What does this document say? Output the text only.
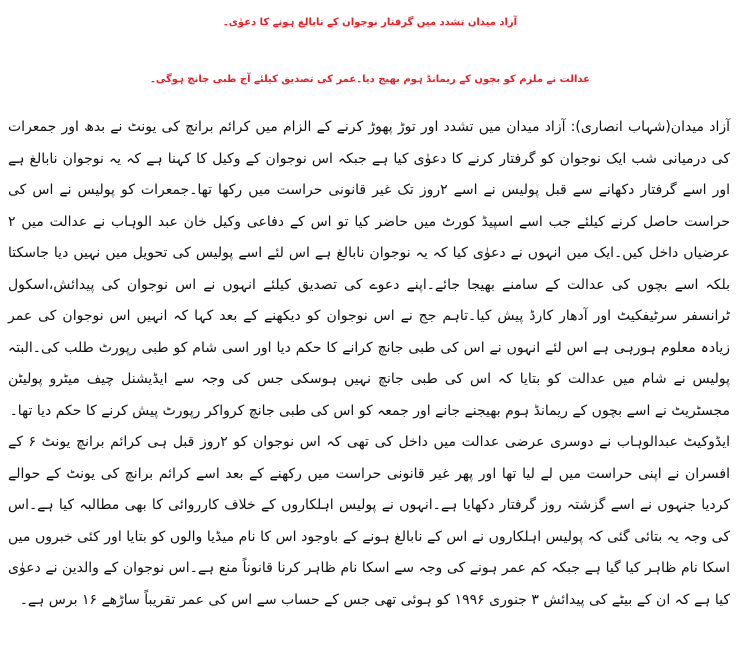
آزاد میدان تشدد میں گرفتار نوجوان کے نابالغ ہونے کا دعوٰی۔
عدالت نے ملزم کو بچوں کے ریمانڈ ہوم بھیج دیا۔عمر کی تصدیق کیلئے آج طبی جانچ ہوگی۔

آزاد میدان(شہاب انصاری): آزاد میدان میں تشدد اور توڑ پھوڑ کرنے کے الزام میں کرائم برانچ کی یونٹ نے بدھ اور جمعرات کی درمیانی شب ایک نوجوان کو گرفتار کرنے کا دعوٰی کیا ہے جبکہ اس نوجوان کے وکیل کا کہنا ہے کہ یہ نوجوان نابالغ ہے اور اسے گرفتار دکھانے سے قبل پولیس نے اسے ۲روز تک غیر قانونی حراست میں رکھا تھا۔جمعرات کو پولیس نے اس کی حراست حاصل کرنے کیلئے جب اسے اسپیڈ کورٹ میں حاضر کیا تو اس کے دفاعی وکیل خان عبد الوہاب نے عدالت میں ۲ عرضیاں داخل کیں۔ایک میں انہوں نے دعوٰی کیا کہ یہ نوجوان نابالغ ہے اس لئے اسے پولیس کی تحویل میں نہیں دیا جاسکتا بلکہ اسے بچوں کی عدالت کے سامنے بھیجا جائے۔اپنے دعوے کی تصدیق کیلئے انہوں نے اس نوجوان کی پیدائش،اسکول ٹرانسفر سرٹیفکیٹ اور آدھار کارڈ پیش کیا۔تاہم جج نے اس نوجوان کو دیکھنے کے بعد کہا کہ انہیں اس نوجوان کی عمر زیادہ معلوم ہورہی ہے اس لئے انہوں نے اس کی طبی جانچ کرانے کا حکم دیا اور اسی شام کو طبی رپورٹ طلب کی۔البتہ پولیس نے شام میں عدالت کو بتایا کہ اس کی طبی جانچ نہیں ہوسکی جس کی وجہ سے ایڈیشنل چیف میٹرو پولیٹن مجسٹریٹ نے اسے بچوں کے ریمانڈ ہوم بھیجنے جانے اور جمعہ کو اس کی طبی جانچ کرواکر رپورٹ پیش کرنے کا حکم دیا تھا۔

ایڈوکیٹ عبدالوہاب نے دوسری عرضی عدالت میں داخل کی تھی کہ اس نوجوان کو ۲روز قبل ہی کرائم برانچ یونٹ ۶ کے افسران نے اپنی حراست میں لے لیا تھا اور پھر غیر قانونی حراست میں رکھنے کے بعد اسے کرائم برانچ کی یونٹ کے حوالے کردیا جنہوں نے اسے گزشتہ روز گرفتار دکھایا ہے۔انہوں نے پولیس اہلکاروں کے خلاف کارروائی کا بھی مطالبہ کیا ہے۔اس کی وجہ یہ بتائی گئی کہ پولیس اہلکاروں نے اس کے نابالغ ہونے کے باوجود اس کا نام میڈیا والوں کو بتایا اور کئی خبروں میں اسکا نام ظاہر کیا گیا ہے جبکہ کم عمر ہونے کی وجہ سے اسکا نام ظاہر کرنا قانوناً منع ہے۔اس نوجوان کے والدین نے دعوٰی کیا ہے کہ ان کے بیٹے کی پیدائش ۳ جنوری ۱۹۹۶ کو ہوئی تھی جس کے حساب سے اس کی عمر تقریباً ساڑھے ۱۶ برس ہے۔
